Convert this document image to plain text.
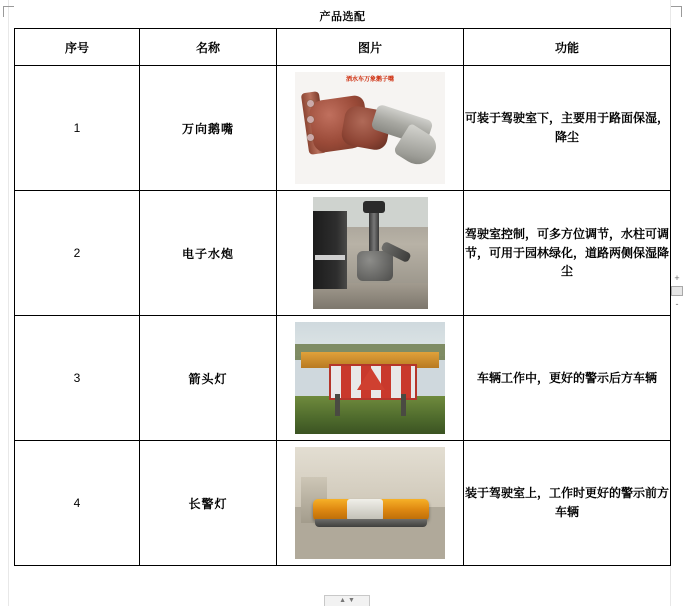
产品选配
序号	名称	图片	功能
1	万向鹅嘴	洒水车万象鹅子嘴	可装于驾驶室下，主要用于路面保湿，降尘
2	电子水炮		驾驶室控制，可多方位调节，水柱可调节，可用于园林绿化，道路两侧保湿降尘
3	箭头灯		车辆工作中，更好的警示后方车辆
4	长警灯		装于驾驶室上，工作时更好的警示前方车辆
+
-
▲ ▼
